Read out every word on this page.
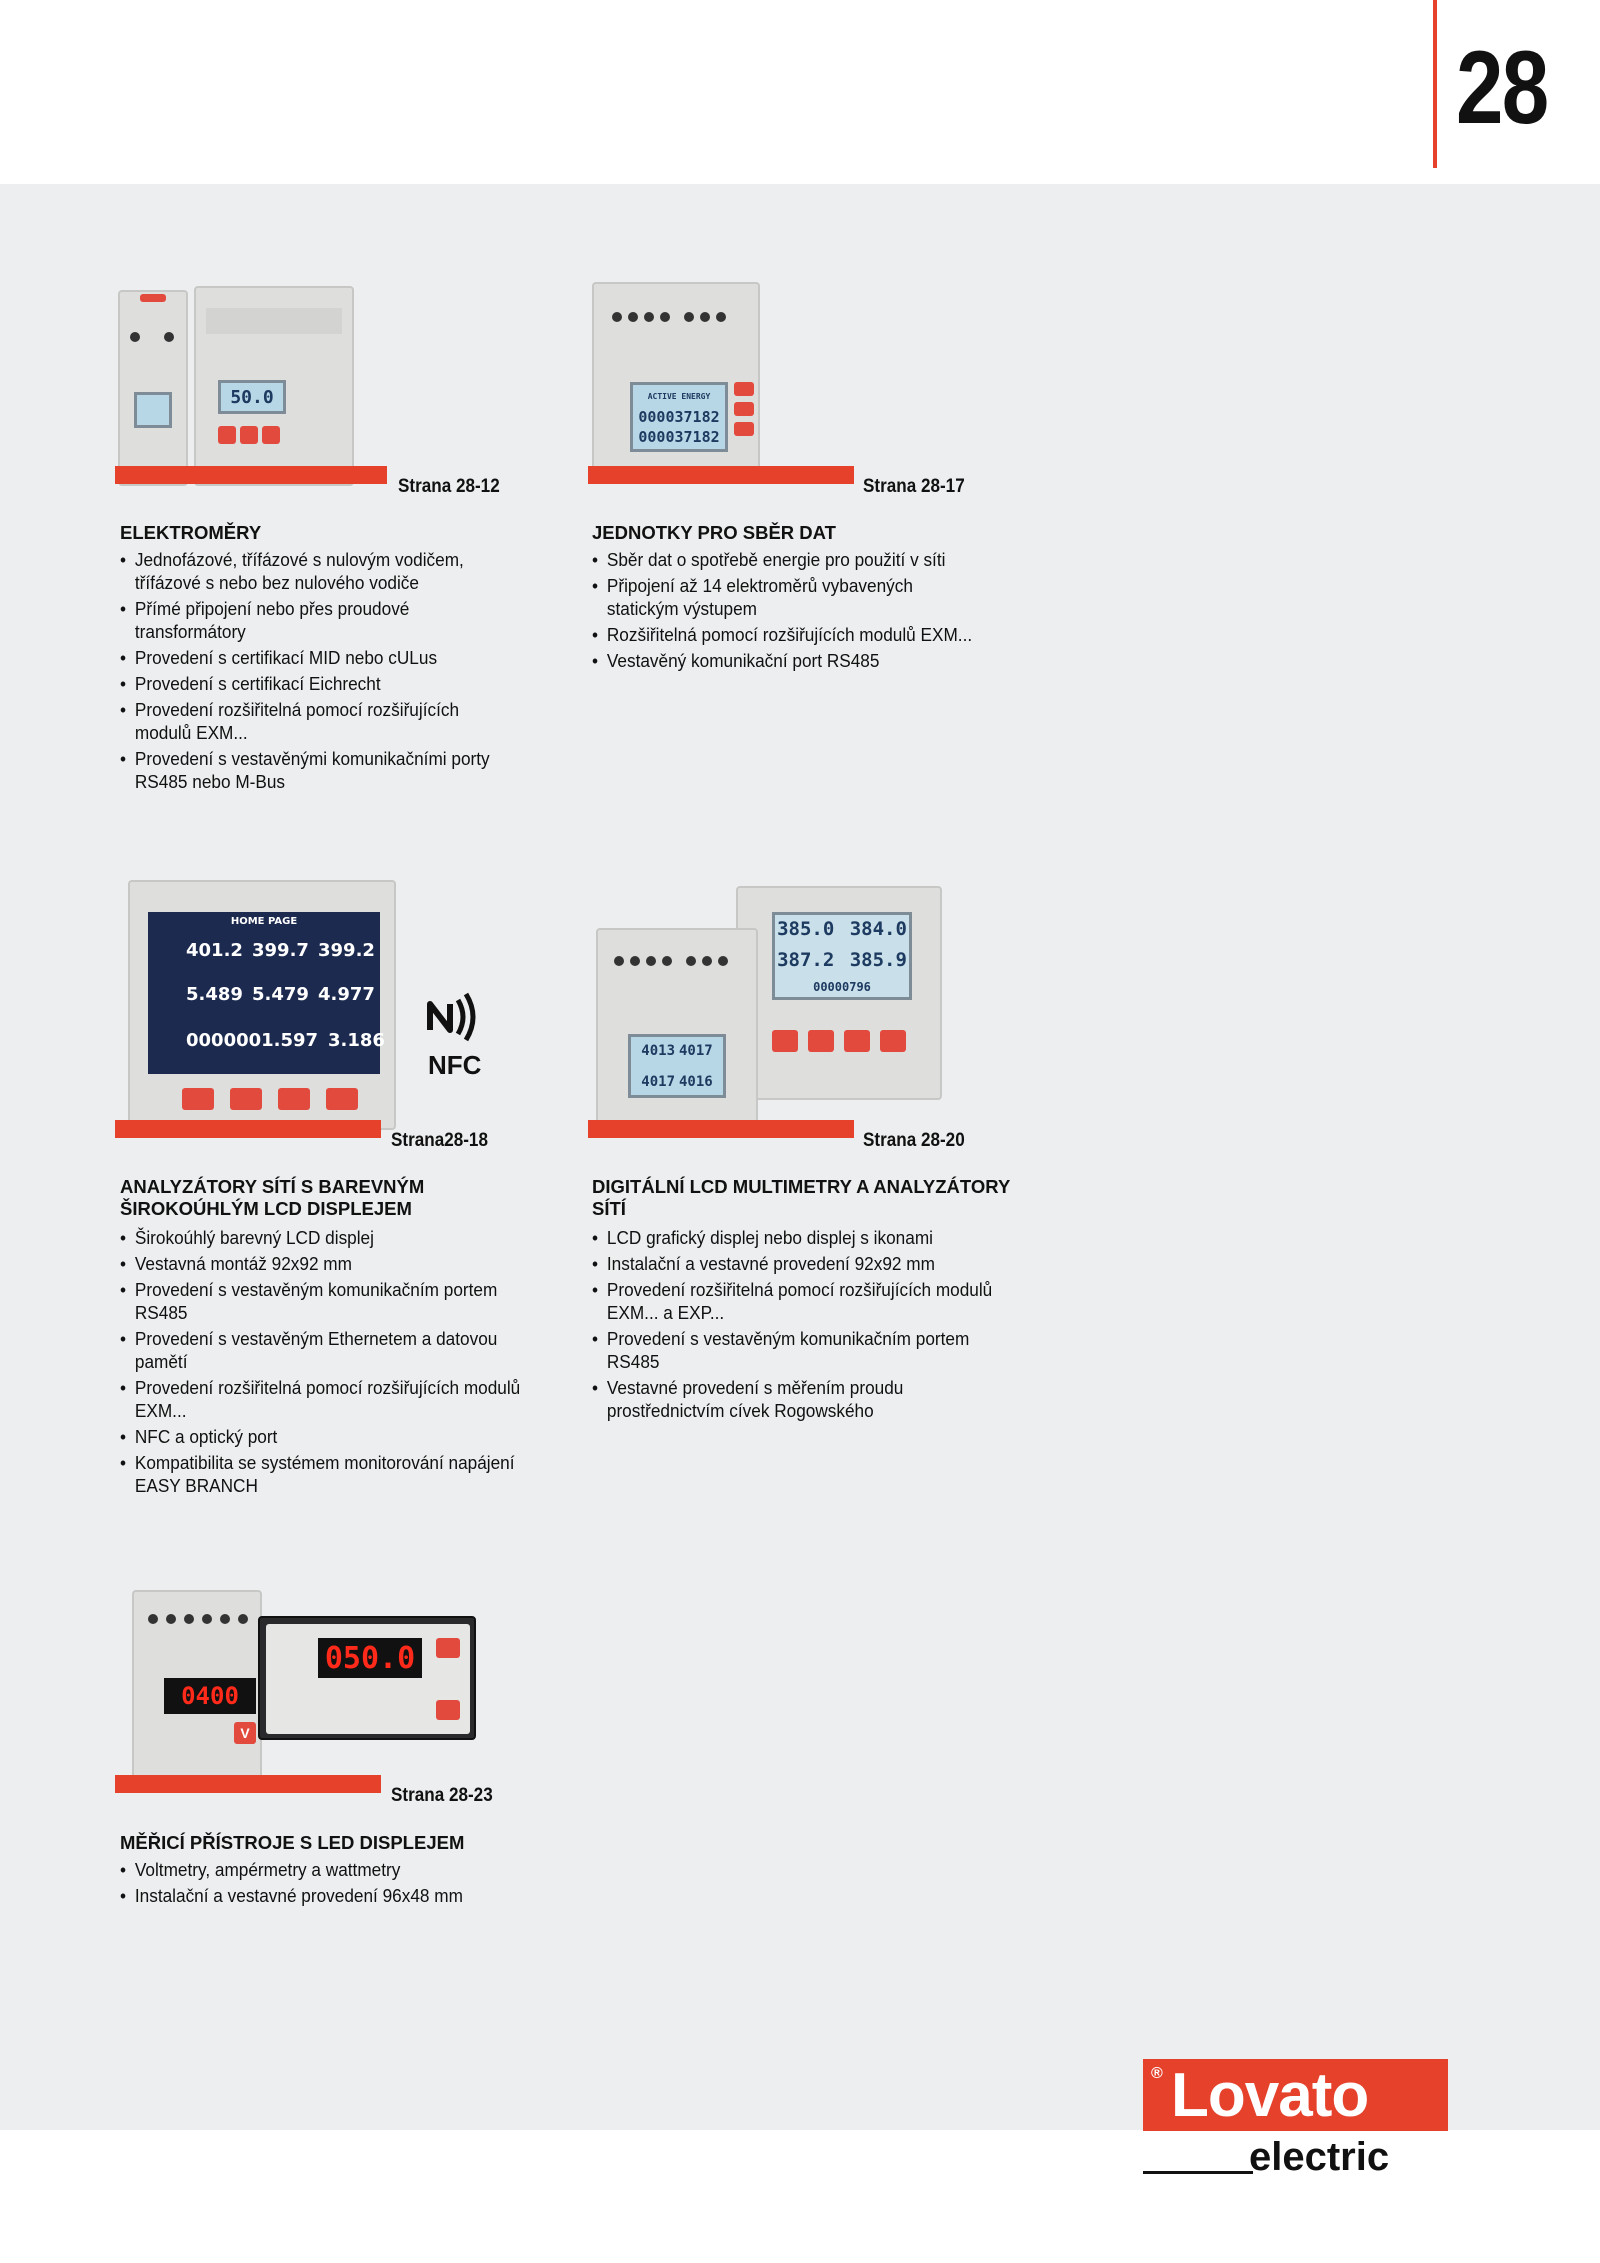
28
50.0
Strana 28-12
ELEKTROMĚRY
• Jednofázové, třífázové s nulovým vodičem, třífázové s nebo bez nulového vodiče
• Přímé připojení nebo přes proudové transformátory
• Provedení s certifikací MID nebo cULus
• Provedení s certifikací Eichrecht
• Provedení rozšiřitelná pomocí rozšiřujících modulů EXM...
• Provedení s vestavěnými komunikačními porty RS485 nebo M-Bus
ACTIVE ENERGY
000037182
000037182
Strana 28-17
JEDNOTKY PRO SBĚR DAT
• Sběr dat o spotřebě energie pro použití v síti
• Připojení až 14 elektroměrů vybavených statickým výstupem
• Rozšiřitelná pomocí rozšiřujících modulů EXM...
• Vestavěný komunikační port RS485
HOME PAGE
401.2 399.7 399.2
5.489 5.479 4.977
0000001.597 3.186
NFC
Strana28-18
ANALYZÁTORY SÍTÍ S BAREVNÝM ŠIROKOÚHLÝM LCD DISPLEJEM
• Širokoúhlý barevný LCD displej
• Vestavná montáž 92x92 mm
• Provedení s vestavěným komunikačním portem RS485
• Provedení s vestavěným Ethernetem a datovou pamětí
• Provedení rozšiřitelná pomocí rozšiřujících modulů EXM...
• NFC a optický port
• Kompatibilita se systémem monitorování napájení EASY BRANCH
385.0
384.0
387.2
385.9
00000796
4013 4017
4017 4016
Strana 28-20
DIGITÁLNÍ LCD MULTIMETRY A ANALYZÁTORY SÍTÍ
• LCD grafický displej nebo displej s ikonami
• Instalační a vestavné provedení 92x92 mm
• Provedení rozšiřitelná pomocí rozšiřujících modulů EXM... a EXP...
• Provedení s vestavěným komunikačním portem RS485
• Vestavné provedení s měřením proudu prostřednictvím cívek Rogowského
0400
V
050.0
Strana 28-23
MĚŘICÍ PŘÍSTROJE S LED DISPLEJEM
• Voltmetry, ampérmetry a wattmetry
• Instalační a vestavné provedení 96x48 mm
® Lovato
electric
